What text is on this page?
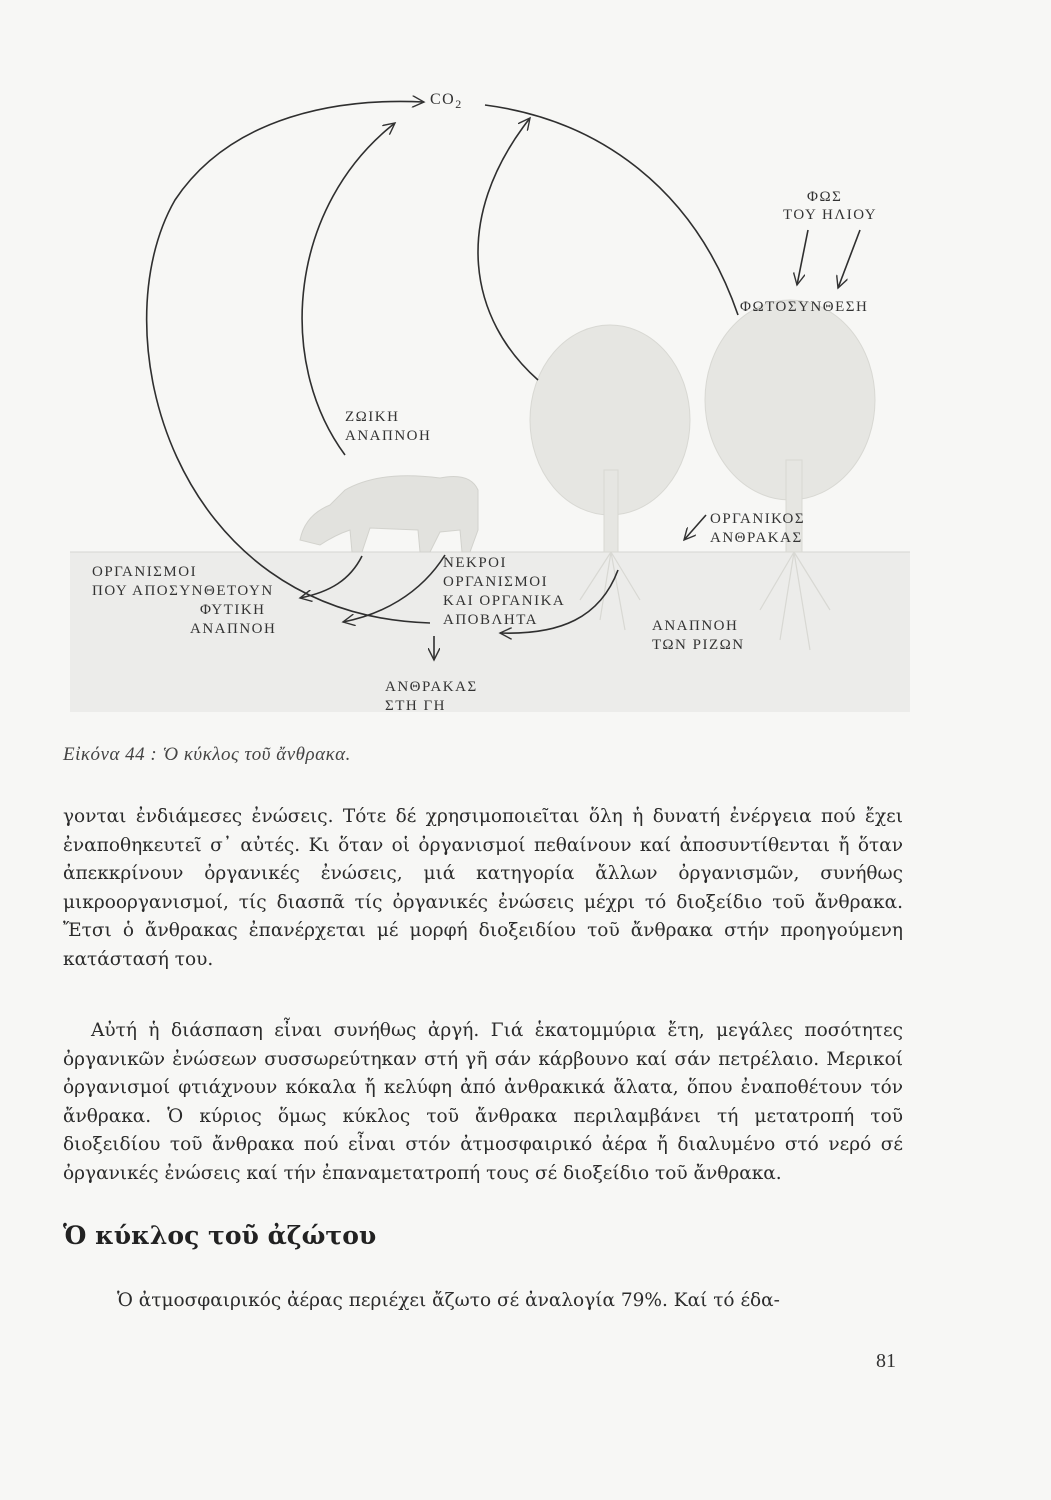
$CO_2$
ΦΩΣ
ΤΟΥ ΗΛΙΟΥ
ΦΩΤΟΣΥΝΘΕΣΗ
ΖΩΙΚΗ
ΑΝΑΠΝΟΗ
ΟΡΓΑΝΙΚΟΣ
ΑΝΘΡΑΚΑΣ
ΟΡΓΑΝΙΣΜΟΙ
ΠΟΥ ΑΠΟΣΥΝΘΕΤΟΥΝ
ΦΥΤΙΚΗ
ΑΝΑΠΝΟΗ
ΝΕΚΡΟΙ
ΟΡΓΑΝΙΣΜΟΙ
ΚΑΙ ΟΡΓΑΝΙΚΑ
ΑΠΟΒΛΗΤΑ	ΑΝΑΠΝΟΗ
ΤΩΝ ΡΙΖΩΝ
ΑΝΘΡΑΚΑΣ
ΣΤΗ ΓΗ
Εἰκόνα 44 : Ὁ κύκλος τοῦ ἄνθρακα.

γονται ἐνδιάμεσες ἐνώσεις. Τότε δέ χρησιμοποιεῖται ὅλη ἡ δυνατή ἐνέργεια πού ἔχει ἐναποθηκευτεῖ σ᾿ αὐτές. Κι ὅταν οἱ ὀργανισμοί πεθαίνουν καί ἀποσυντίθενται ἤ ὅταν ἀπεκκρίνουν ὀργανικές ἐνώσεις, μιά κατηγορία ἄλλων ὀργανισμῶν, συνήθως μικροοργανισμοί, τίς διασπᾶ τίς ὀργανικές ἐνώσεις μέχρι τό διοξείδιο τοῦ ἄνθρακα. Ἔτσι ὁ ἄνθρακας ἐπανέρχεται μέ μορφή διοξειδίου τοῦ ἄνθρακα στήν προηγούμενη κατάστασή του.

Αὐτή ἡ διάσπαση εἶναι συνήθως ἀργή. Γιά ἑκατομμύρια ἔτη, μεγάλες ποσότητες ὀργανικῶν ἐνώσεων συσσωρεύτηκαν στή γῆ σάν κάρβουνο καί σάν πετρέλαιο. Μερικοί ὀργανισμοί φτιάχνουν κόκαλα ἤ κελύφη ἀπό ἀνθρακικά ἅλατα, ὅπου ἐναποθέτουν τόν ἄνθρακα. Ὁ κύριος ὅμως κύκλος τοῦ ἄνθρακα περιλαμβάνει τή μετατροπή τοῦ διοξειδίου τοῦ ἄνθρακα πού εἶναι στόν ἀτμοσφαιρικό ἀέρα ἤ διαλυμένο στό νερό σέ ὀργανικές ἐνώσεις καί τήν ἐπαναμετατροπή τους σέ διοξείδιο τοῦ ἄνθρακα.

Ὁ κύκλος τοῦ ἀζώτου

Ὁ ἀτμοσφαιρικός ἀέρας περιέχει ἄζωτο σέ ἀναλογία 79%. Καί τό έδα-

81
